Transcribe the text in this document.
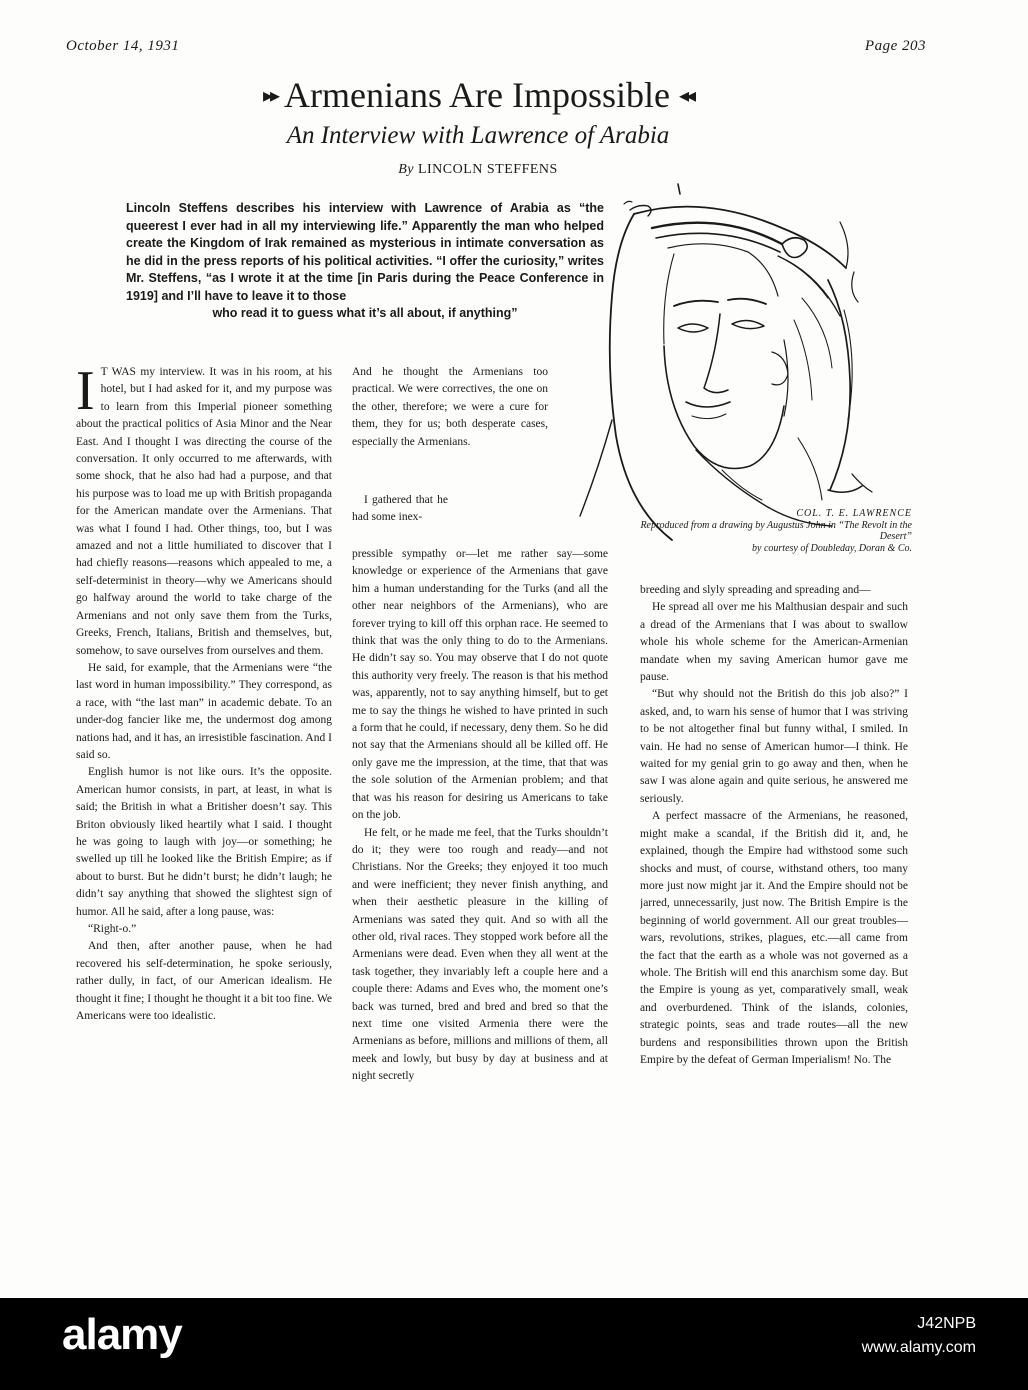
October 14, 1931	Page 203
▸▸ Armenians Are Impossible ◂◂
An Interview with Lawrence of Arabia
By LINCOLN STEFFENS
Lincoln Steffens describes his interview with Lawrence of Arabia as “the queerest I ever had in all my interviewing life.” Apparently the man who helped create the Kingdom of Irak remained as mysterious in intimate conversation as he did in the press reports of his political activities. “I offer the curiosity,” writes Mr. Steffens, “as I wrote it at the time [in Paris during the Peace Conference in 1919] and I’ll have to leave it to those
who read it to guess what it’s all about, if anything”
COL. T. E. LAWRENCE
Reproduced from a drawing by Augustus John in “The Revolt in the Desert”
by courtesy of Doubleday, Doran & Co.

I T WAS my interview. It was in his room, at his hotel, but I had asked for it, and my purpose was to learn from this Imperial pioneer something about the practical politics of Asia Minor and the Near East. And I thought I was directing the course of the conversation. It only occurred to me afterwards, with some shock, that he also had had a purpose, and that his purpose was to load me up with British propaganda for the American mandate over the Armenians. That was what I found I had. Other things, too, but I was amazed and not a little humiliated to discover that I had chiefly reasons—reasons which appealed to me, a self-determinist in theory—why we Americans should go halfway around the world to take charge of the Armenians and not only save them from the Turks, Greeks, French, Italians, British and themselves, but, somehow, to save ourselves from ourselves and them.

He said, for example, that the Armenians were “the last word in human impossibility.” They correspond, as a race, with “the last man” in academic debate. To an under-dog fancier like me, the undermost dog among nations had, and it has, an irresistible fascination. And I said so.

English humor is not like ours. It’s the opposite. American humor consists, in part, at least, in what is said; the British in what a Britisher doesn’t say. This Briton obviously liked heartily what I said. I thought he was going to laugh with joy—or something; he swelled up till he looked like the British Empire; as if about to burst. But he didn’t burst; he didn’t laugh; he didn’t say anything that showed the slightest sign of humor. All he said, after a long pause, was:

“Right-o.”

And then, after another pause, when he had recovered his self-determination, he spoke seriously, rather dully, in fact, of our American idealism. He thought it fine; I thought he thought it a bit too fine. We Americans were too idealistic.

And he thought the Armenians too practical. We were correctives, the one on the other, therefore; we were a cure for them, they for us; both desperate cases, especially the Armenians.

I gathered that he had some inex-

pressible sympathy or—let me rather say—some knowledge or experience of the Armenians that gave him a human understanding for the Turks (and all the other near neighbors of the Armenians), who are forever trying to kill off this orphan race. He seemed to think that was the only thing to do to the Armenians. He didn’t say so. You may observe that I do not quote this authority very freely. The reason is that his method was, apparently, not to say anything himself, but to get me to say the things he wished to have printed in such a form that he could, if necessary, deny them. So he did not say that the Armenians should all be killed off. He only gave me the impression, at the time, that that was the sole solution of the Armenian problem; and that that was his reason for desiring us Americans to take on the job.

He felt, or he made me feel, that the Turks shouldn’t do it; they were too rough and ready—and not Christians. Nor the Greeks; they enjoyed it too much and were inefficient; they never finish anything, and when their aesthetic pleasure in the killing of Armenians was sated they quit. And so with all the other old, rival races. They stopped work before all the Armenians were dead. Even when they all went at the task together, they invariably left a couple here and a couple there: Adams and Eves who, the moment one’s back was turned, bred and bred and bred so that the next time one visited Armenia there were the Armenians as before, millions and millions of them, all meek and lowly, but busy by day at business and at night secretly

breeding and slyly spreading and spreading and—

He spread all over me his Malthusian despair and such a dread of the Armenians that I was about to swallow whole his whole scheme for the American-Armenian mandate when my saving American humor gave me pause.

“But why should not the British do this job also?” I asked, and, to warn his sense of humor that I was striving to be not altogether final but funny withal, I smiled. In vain. He had no sense of American humor—I think. He waited for my genial grin to go away and then, when he saw I was alone again and quite serious, he answered me seriously.

A perfect massacre of the Armenians, he reasoned, might make a scandal, if the British did it, and, he explained, though the Empire had withstood some such shocks and must, of course, withstand others, too many more just now might jar it. And the Empire should not be jarred, unnecessarily, just now. The British Empire is the beginning of world government. All our great troubles—wars, revolutions, strikes, plagues, etc.—all came from the fact that the earth as a whole was not governed as a whole. The British will end this anarchism some day. But the Empire is young as yet, comparatively small, weak and overburdened. Think of the islands, colonies, strategic points, seas and trade routes—all the new burdens and responsibilities thrown upon the British Empire by the defeat of German Imperialism! No. The

alamy	J42NPB
www.alamy.com
